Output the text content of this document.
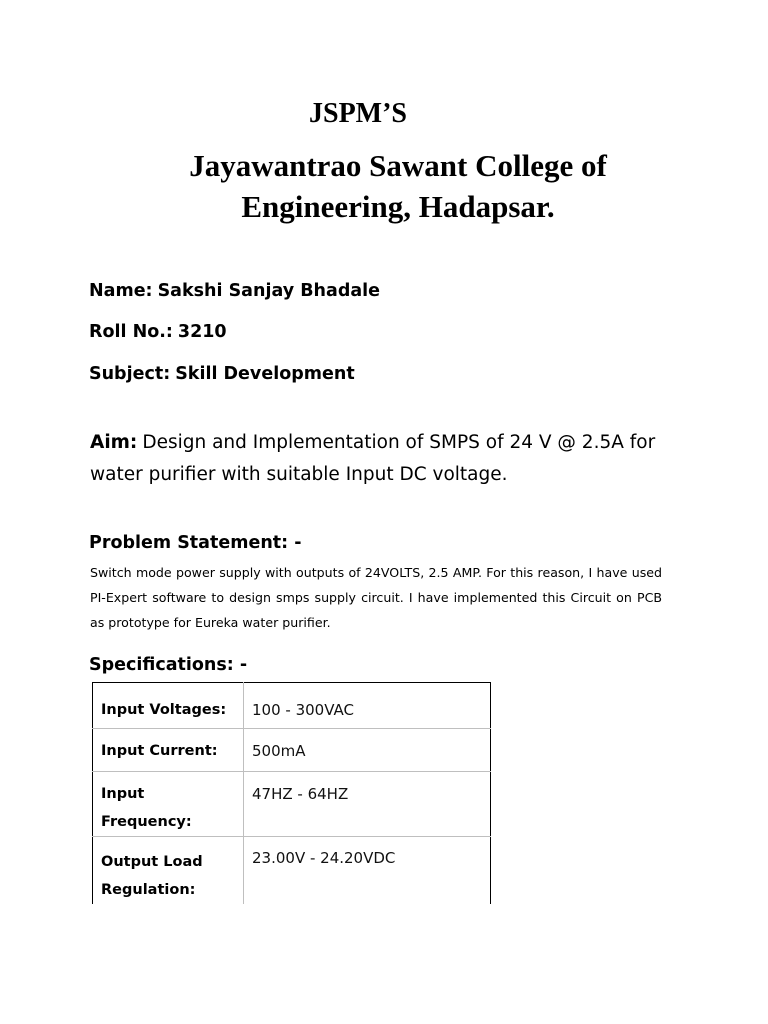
JSPM’S
Jayawantrao Sawant College of
Engineering, Hadapsar.

Name: Sakshi Sanjay Bhadale

Roll No.: 3210

Subject: Skill Development

Aim: Design and Implementation of SMPS of 24 V @ 2.5A for water purifier with suitable Input DC voltage.

Problem Statement: -

Switch mode power supply with outputs of 24VOLTS, 2.5 AMP. For this reason, I have used PI-Expert software to design smps supply circuit. I have implemented this Circuit on PCB as prototype for Eureka water purifier.

Specifications: -
Input Voltages:	100 - 300VAC

Input Current:	500mA

Input Frequency:	47HZ - 64HZ

Output Load Regulation:	23.00V - 24.20VDC
